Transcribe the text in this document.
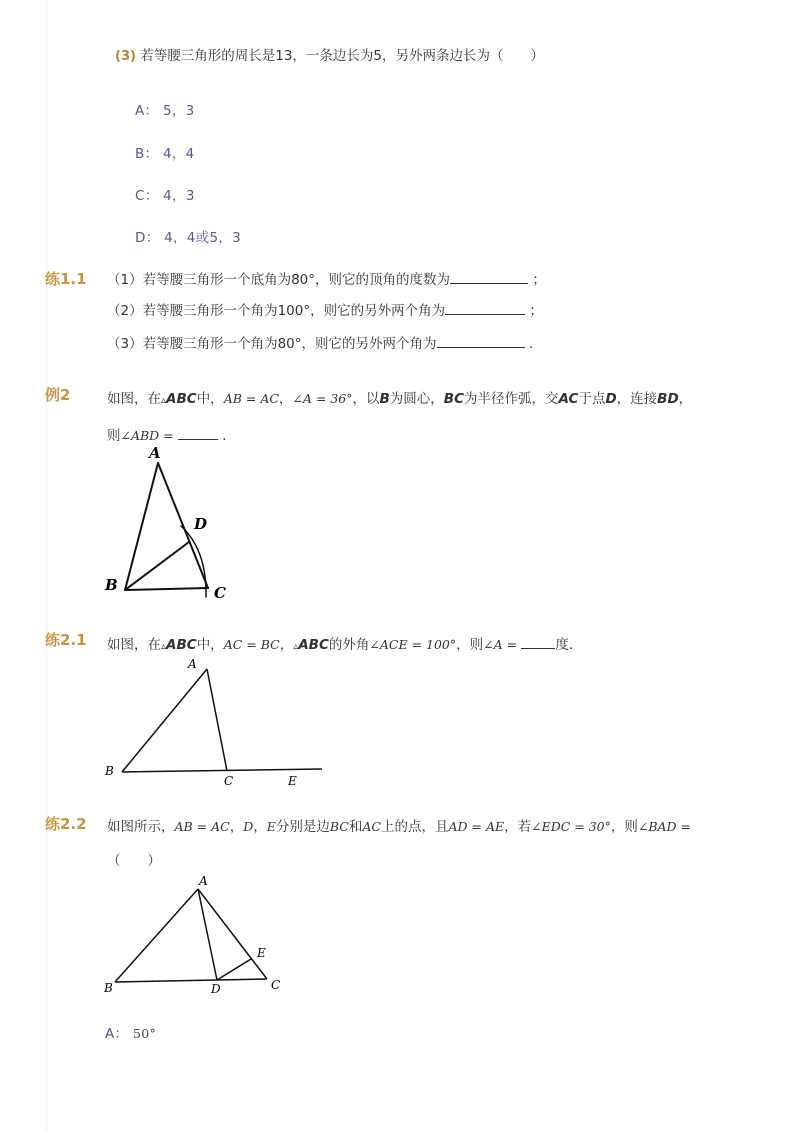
(3) 若等腰三角形的周长是13，一条边长为5，另外两条边长为（　　）
A： 5，3
B： 4，4
C： 4，3
D： 4，4或5，3
练1.1 （1）若等腰三角形一个底角为80°，则它的顶角的度数为	；
（2）若等腰三角形一个角为100°，则它的另外两个角为	；
（3）若等腰三角形一个角为80°，则它的另外两个角为	．
例2	如图，在▵ABC中，AB = AC，∠A = 36°，以B为圆心，BC为半径作弧，交AC于点D，连接BD，
则∠ABD =	．
A
B	C
D
练2.1 如图，在▵ABC中，AC = BC，▵ABC的外角∠ACE = 100°，则∠A =	度．
A
B
C	E
练2.2 如图所示，AB = AC，D，E分别是边BC和AC上的点，且AD = AE，若∠EDC = 30°，则∠BAD =
（　　）
A
B	C
D
E
A： 50°
